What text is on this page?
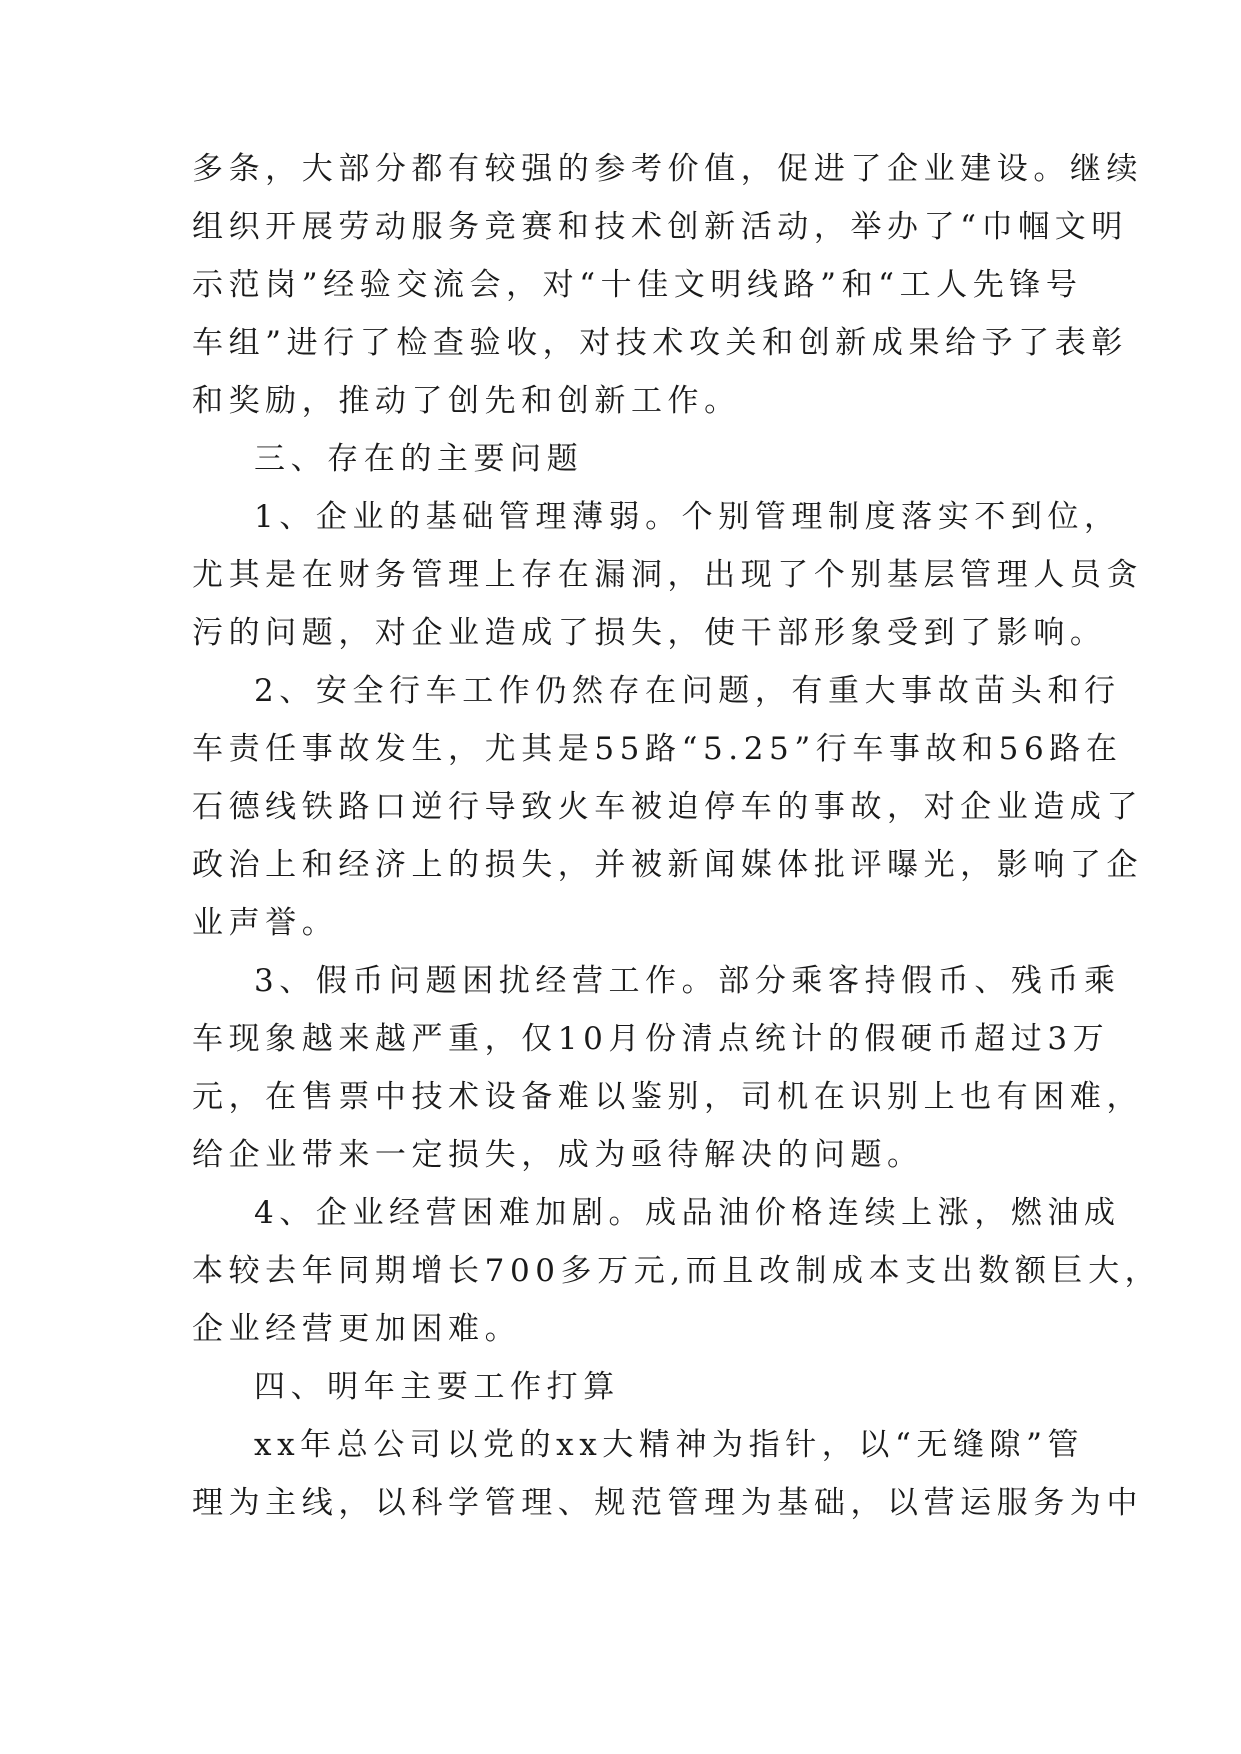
多条，大部分都有较强的参考价值，促进了企业建设。继续
组织开展劳动服务竞赛和技术创新活动，举办了“巾帼文明
示范岗”经验交流会，对“十佳文明线路”和“工人先锋号
车组”进行了检查验收，对技术攻关和创新成果给予了表彰
和奖励，推动了创先和创新工作。
三、存在的主要问题
1、企业的基础管理薄弱。个别管理制度落实不到位，
尤其是在财务管理上存在漏洞，出现了个别基层管理人员贪
污的问题，对企业造成了损失，使干部形象受到了影响。
2、安全行车工作仍然存在问题，有重大事故苗头和行
车责任事故发生，尤其是55路“5.25”行车事故和56路在
石德线铁路口逆行导致火车被迫停车的事故，对企业造成了
政治上和经济上的损失，并被新闻媒体批评曝光，影响了企
业声誉。
3、假币问题困扰经营工作。部分乘客持假币、残币乘
车现象越来越严重，仅10月份清点统计的假硬币超过3万
元，在售票中技术设备难以鉴别，司机在识别上也有困难，
给企业带来一定损失，成为亟待解决的问题。
4、企业经营困难加剧。成品油价格连续上涨，燃油成
本较去年同期增长700多万元,而且改制成本支出数额巨大，
企业经营更加困难。
四、明年主要工作打算
xx年总公司以党的xx大精神为指针，以“无缝隙”管
理为主线，以科学管理、规范管理为基础，以营运服务为中
